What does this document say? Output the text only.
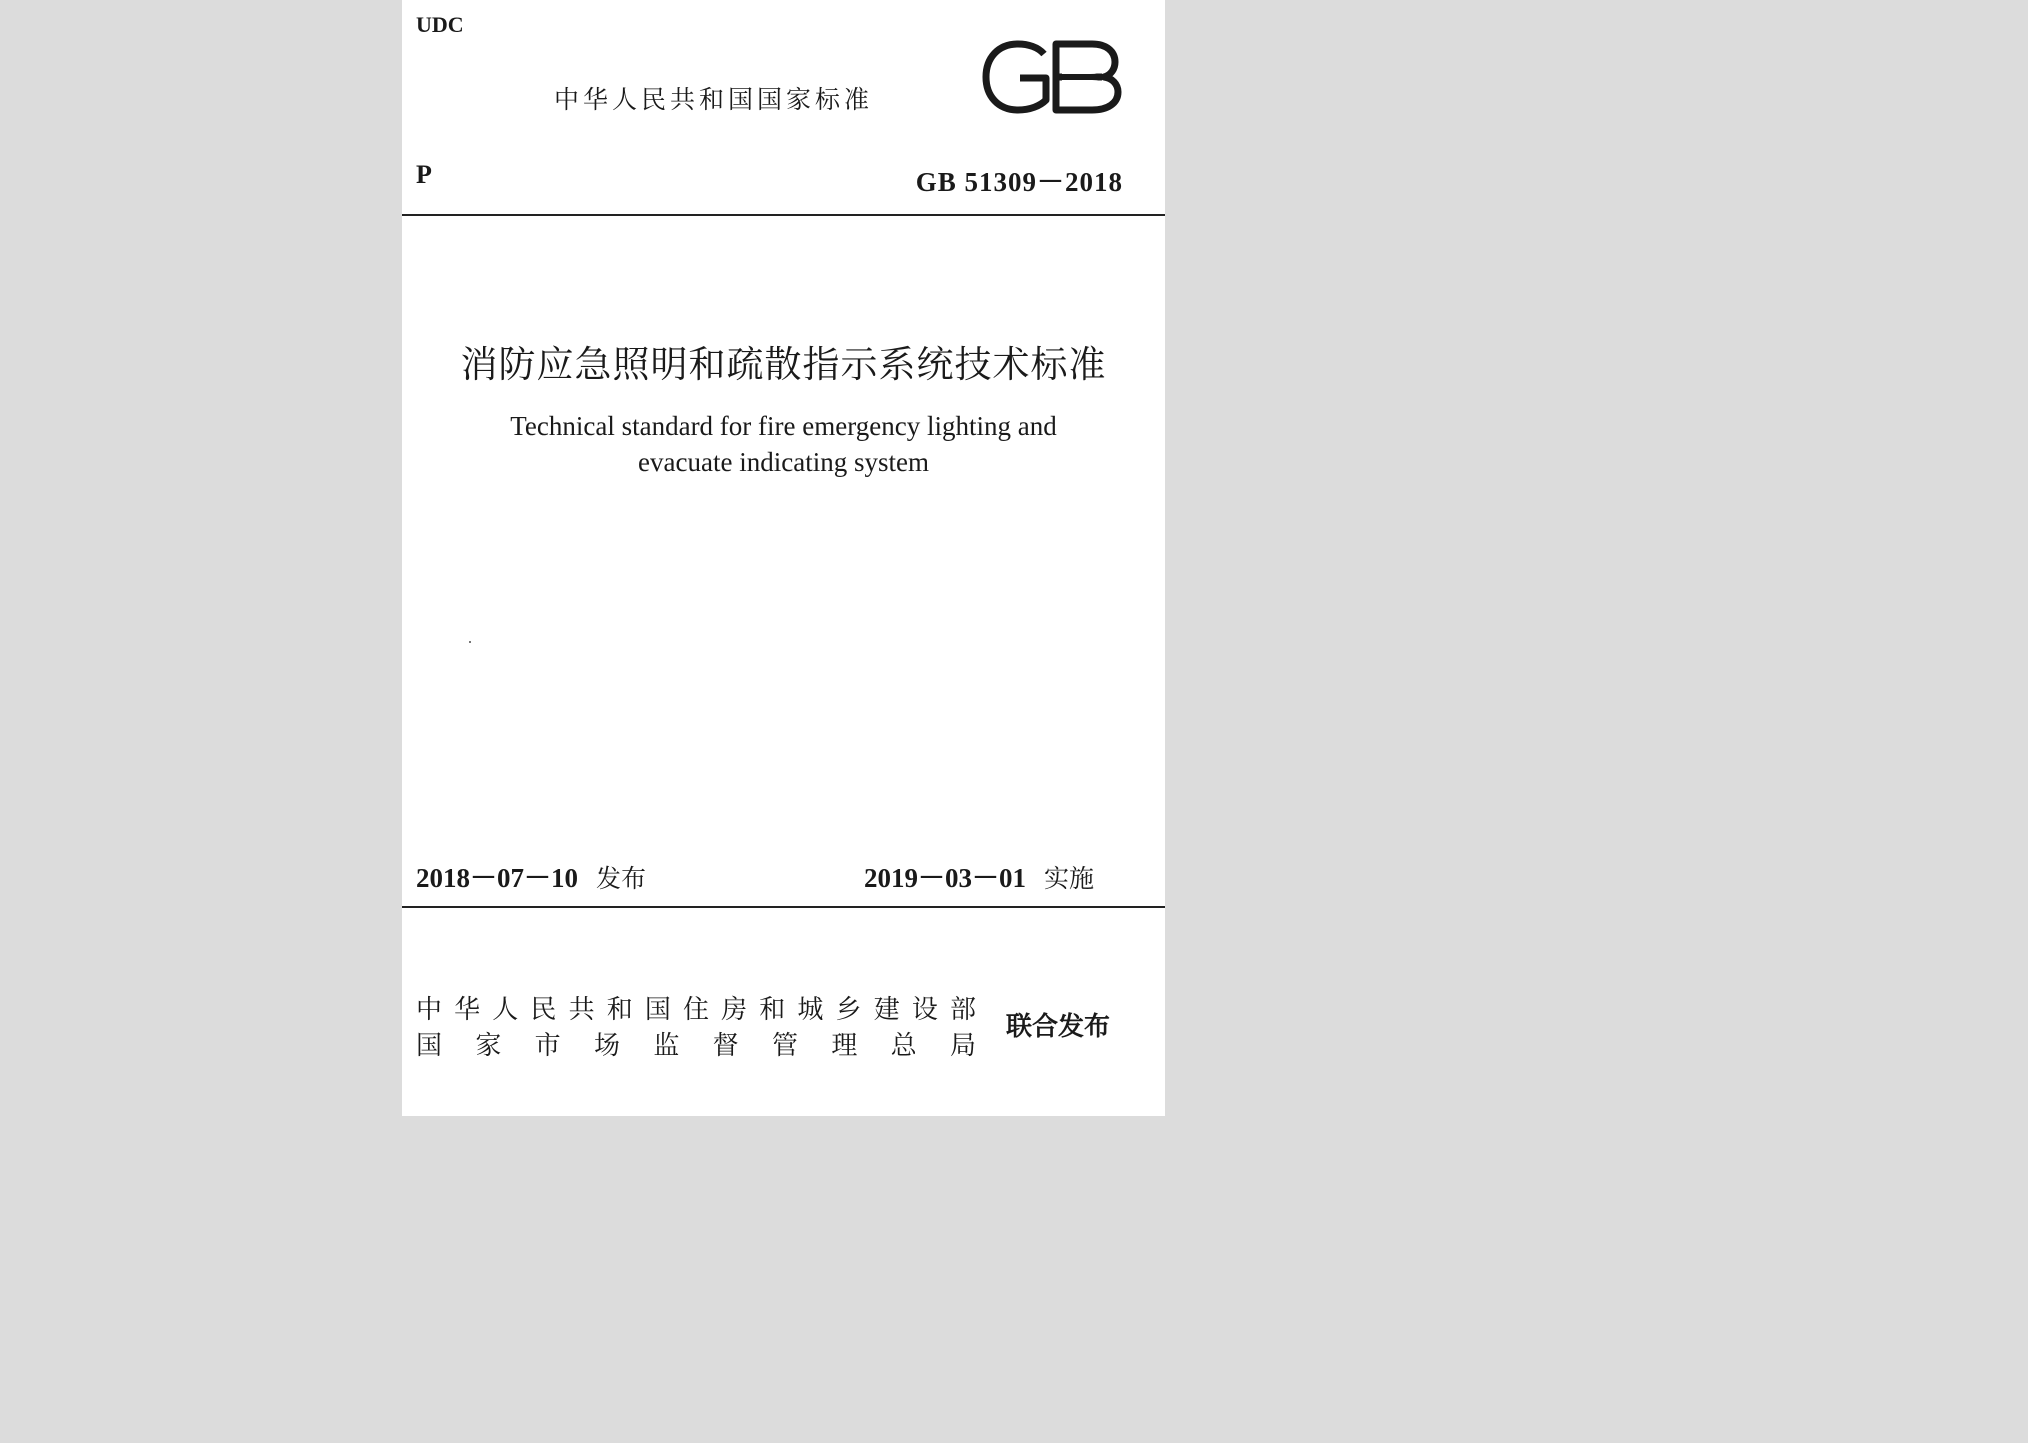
UDC
中华人民共和国国家标准
P	GB 51309－2018
消防应急照明和疏散指示系统技术标准
Technical standard for fire emergency lighting and
evacuate indicating system
2018－07－10 发布	2019－03－01 实施
中华人民共和国住房和城乡建设部
国家市场监督管理总局
联合发布
